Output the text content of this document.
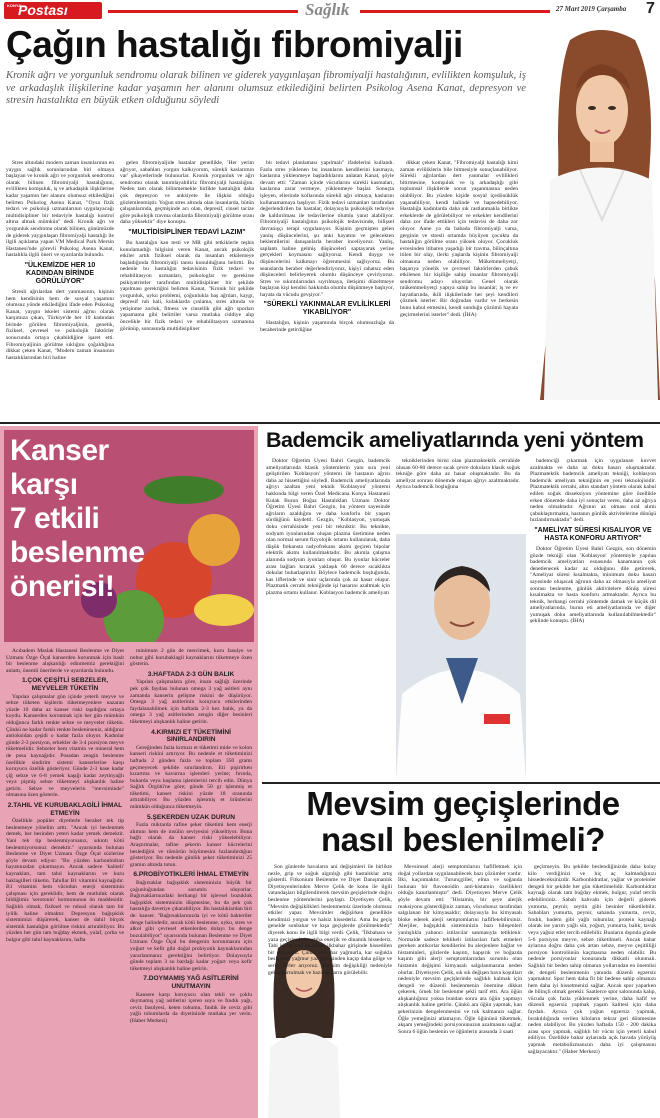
KONYA
Postası	Sağlık	27 Mart 2019 Çarşamba 7
Çağın hastalığı fibromiyalji
Kronik ağrı ve yorgunluk sendromu olarak bilinen ve giderek yaygınlaşan fibromiyalji hastalığının, evlilikten komşuluk, iş ve arkadaşlık ilişkilerine kadar yaşamın her alanını olumsuz etkilediğini belirten Psikolog Asena Kanat, depresyon ve stresin hastalıkta en büyük etken olduğunu söyledi

Stres altındaki modern zaman insanlarının en yaygın sağlık sorunlarından biri olmaya başlayan ve kronik ağrı ve yorgunluk sendromu olarak bilinen fibromiyalji hastalığının, evlilikten komşuluk, iş ve arkadaşlık ilişkilerine kadar yaşamın her alanını olumsuz etkilediğini belirten Psikolog Asena Kanat, "Oysa fizik tedavi ve psikoloji uzmanlarının uygulayacağı multidisipliner bir tedaviyle hastalığı kontrol altına almak mümkün" dedi. Kronik ağrı ve yorgunluk sendromu olarak bilinen, günümüzde de giderek yaygınlaşan fibromiyalji hastalığı ile ilgili açıklama yapan VM Medical Park Mersin Hastanesi'nde görevli Psikolog Asena Kanat, hastalıkla ilgili öneri ve uyarılarda bulundu.

"ÜLKEMİZDE HER 10 KADINDAN BİRİNDE GÖRÜLÜYOR"

Stresli ağrılardan dert yanmasının, kişinin hem kendisinin hem de sosyal yaşamını olumsuz yönde etkilediğini ifade eden Psikolog Kanat, yaygın iskelet sistemi ağrısı olarak karşımıza çıkan, Türkiye'de her 10 kadından birinde görülen fibromiyaljinin, genetik, fiziksel, çevresel ve psikolojik faktörler sonucunda ortaya çıkabildiğine işaret etti. Fibromiyaljinin görülme sıklığını çoğaldığına dikkat çeken Kanat, "Modern zaman insanının hastalıklarından biri haline

gelen fibromiyaljide hastalar genellikle, 'Her yerim ağrıyor, sabahları yorgun kalkıyorum, sürekli kaslarımın var' şikayetlerinde bulunurlar. Kronik yorgunluk ve ağrı sendromu olarak tanımlayabiliriz fibromiyalji hastalığını. Neden tam olarak bilinmemekle birlikte hastalığın daha çok depresyon ve anksiyete ile ilişkisi olduğu gözlemlenmiştir. Yoğun stres altında olan insanlarda, bütün çalışanlarında, geçmişinde acı olan, depresif, cinsel tacize göre psikolojik travma olanlarda fibromiyalji görülme oranı daha yüksektir" diye konuştu.

"MULTİDİSİPLİNER TEDAVİ LAZIM"

Bu hastalığın kan testi ve MR gibi tetkiklerle teşhis konulamadığı bilgisini veren Kanat, ancak psikolojik etkiler artık fiziksel olarak da insanları etkilemeye başladığında fibromiyalji tanısı konulduğunu belirtti. Bu nedenle bu hastalığın tedavisinin fizik tedavi ve rehabilitasyon uzmanları, psikologlar ve gerekirse psikiyatristler tarafından multidisipliner bir şekilde yapılması gerektiğini belirten Kanat, "Kronik bir şekilde yorgunluk, uyku problemi, çoğunlukla baş ağrıları, kaygı, depresif ruh hali, kulaklarda çınlama, stres altında ve yetişinme zorluk, fitness ve cinsellik gibi ağrı sporları yapamama gibi belirtiler varsa mutlaka ciddiye alıp öncelikle bir fizik tedavi ve rehabilitasyon uzmanına görünüp, sonrasında multidisipliner

bir tedavi planlaması yapılmalı" ifadelerini kullandı. Fazla stres yüklenen bu insanların kendilerini kasmaya, kaslarına yüklenmeye başladıklarını anlatan Kanat, şöyle devam etti: "Zaman içinde vücutlarını sürekli kasmaları, kaslarına zarar vermeye, yüklenmeye başlar. Sonuçta işleyen, ellerinde kollarında sürekli ağrı olmaya, kaslarını kullanamamaya başlıyor. Fizik tedavi uzmanları tarafından değerlendirilen bu hastalar, dolayısıyla psikolojik tedaviye de kaldırılması ile tedavilerine olumlu yanıt alabiliyor. Fibromiyalji hastalığının psikolojik tedavisinde, bilişsel davranışçı terapi uygulanıyor. Kişinin geçmişten gelen yanlış düşüncelerini, şu anki hayatını ve gelecekten beklentilerini danışanlarla beraber inceliyoruz. Yanlış, saplantı haline gelmiş düşünceleri saptayarak yerine gerçekleri koymasını sağlıyoruz. Kendi duygu ve düşüncelerini kalkmayı öğrenmesini sağlıyoruz. Bu seanslarda beraber değerlendiriyoruz, kişiyi rahatsız eden düşünceleri belirleyerek olumlu düşünceye çeviriyoruz. Stres ve sıkıntılarından sıyrılmaya, iletişimi düzeltmeye başlayan kişi kendisi hakkında olumlu düşünmeye başlıyor, hayata da vücudu gevşiyor."

"SÜREKLİ YAKINMALAR EVLİLİKLERİ YIKABİLİYOR"

Hastalığın, kişinin yaşamında birçok olumsuzluğa da beraberinde getirdiğine

dikkat çeken Kanat, "Fibromiyalji hastalığı kimi zaman evliliklerin bile bitmesiyle sonuçlanabiliyor. Sürekli ağrılardan dert yanmalar evlilikleri bitirmesine, komşuluk ve iş arkadaşlığı gibi toplumsal ilişkilerde sorun yaşanmasına neden olabiliyor. Bu yüzden kişide sosyal içedönüklük yaşanabiliyor, kendi halinde ve hapsedebiliyor. Hastalığa kadınlarda daha sık rastlanmakla birlikte erkeklerde de görülebiliyor ve erkekler kendilerini daha zor ifade ettikleri için tedavisi de daha zor oluyor. Anne ya da babada fibromiyalji varsa, gerginin ve stresli ortamda büyüyen çocukta da hastalığın görülme oranı yüksek oluyor. Çocukluk evresinden itibaren yaşadığı bir travma, bilinçaltına itilen bir olay, ilerki yaşlarda kişinin fibromiyalji olmasına neden olabiliyor. Mükemmeliyetçi, başarıya yönelik ve çevresel faktörlerden çabuk etkilenen bir kişiliğe sahip insanlar fibromiyalji sendromu adayı oluyorlar. Genel olarak mükemmeliyetçi yapıya sahip bu insanlar; iş ve ev hayatlarında, ikili ilişkilerinde her şeyi kendileri çözmek isterler. Bir doğrudan vardır ve herkesin bunu kabul etmesini, kendi sunduğu çözümü hayata geçirmelerini isterler" dedi. (İHA)

Kanser
karşı
7 etkili
beslenme
önerisi!

Acıbadem Maslak Hastanesi Beslenme ve Diyet Uzmanı Özge Öçal kanserden korunmak için basit bir beslenme alışkanlığı edinmemiz gerektiğini anlattı, önemli önerilerde ve uyarılarda bulundu.

1.ÇOK ÇEŞİTLİ SEBZELER, MEYVELER TÜKETİN

Yapılan çalışmalar gün içinde yeterli meyve ve sebze tüketen kişilerin tüketmeyenlere nazaran yüzde 10 daha az kanser riski taşıdığını ortaya koydu. Kanserden korunmak için her gün mümkün olduğunca farklı renkte sebze ve meyveler tüketin. Çünkü ne kadar farklı renkte beslenirseniz, aldığınız antioksidan çeşidi o kadar fazla oluyor. Kadınlar günde 2-3 porsiyon, erkekler de 3-4 porsiyon meyve tüketmelidir. Sebzeler hem vitamin ve mineral hem de posa kaynağıdır. Posadan zengin beslenme özellikle sindirim sistemi kanserlerine karşı koruyucu özellik gösteriyor. Günde 2-3 kase kadar çiğ sebze ve 6-8 yemek kaşığı kadar zeytinyağlı veya pişmiş sebze tüketmeyi alışkanlık haline getirin. Sebze ve meyvelerin "mevsiminde" olmasına özen gösterin.

2.TAHIL VE KURUBAKLAGİLİ İHMAL ETMEYİN

Özellikle popüler diyetlerle beraber tek tip beslenmeye yönelim arttı. "Ancak iyi beslenmek demek, her besinden yeteri kadar yemek demektir. Yani tek tip beslenmiyorsanız, sıkıntı kötü beslenmiyorsunuz demektir." uyarısında bulunan Beslenme ve Diyet Uzmanı Özge Öçal sözlerine şöyle devam ediyor: "Bu yüzden karbonhidratı hayatınızdan çıkarmayın. Ancak sadece 'kaliteli' kaynakları, tam tahıl kaynaklarını ve kuru baklagilleri tüketin. Tahıllar B1 vitamini kaynağıdır. B1 vitamini hem vücudun enerji sisteminin çalışması için gereklidir, hem de mutluluk olarak bildiğimiz 'serotonin' hormonunun ön maddesidir. Sağlıklı olmak, fiziksel ve ruhsal olarak tam bir iyilik haline olmaktır. Depresyon bağışıklık sistemimizi düşürerek, kanser de dahil birçok sistemik hastalığın görülme riskini artırabiliyor. Bu yüzden her gün tam buğday ekmek, yulaf, çorba ve bulgur gibi tahıl kaynaklarını, hafta

minimum 2 gün de mercimek, kuru fasulye ve nohut gibi kurubaklagil kaynaklarını tüketmeye özen gösterin.

3.HAFTADA 2-3 GÜN BALIK

Yapılan çalışmalara göre, insan sağlığı üzerinde pek çok faydası bulunan omega 3 yağ asitleri aynı zamanda kanserin gelişme riskini de düşürüyor. Omega 3 yağ asitlerinin koruyucu etkilerinden faydalanabilmek için haftada 2-3 kez balık, ya da omega 3 yağ asitlerinden zengin diğer besinleri tüketmeyi alışkanlık haline getirin.

4.KIRMIZI ET TÜKETİMİNİ SINIRLANDIRIN

Gereğinden fazla kırmızı et tüketimi mide ve kolon kanseri riskini artırıyor. Bu nedenle et tüketiminizi haftada 2 günden fazla ve toplam 350 gramı geçmeyecek şekilde sınırlandırın. Eti pişirirken kızartma ve kavurma işlemleri yerine; fırında, buharda veya haşlama işlemlerini tercih edin. Dünya Sağlık Örgütü'ne göre; günde 50 gr işlenmiş et tüketimi, kanser riskini yüzde 18 oranında artırabiliyor. Bu yüzden işlenmiş et ürünlerini mümkün olduğunca tüketmeyin.

5.ŞEKERDEN UZAK DURUN

Fazla miktarda rafine şeker tüketimi hem enerji alımını hem de insülin seviyesini yükseltiyor. Buna bağlı olarak da kanser riski yükselebiliyor. Araştırmalar, rafine şekerin kanser hücrelerini beslediğini ve tümörün büyümesini hızlandırdığını gösteriyor. Bu nedenle günlük şeker tüketiminizi 25 gramın altında tutun.

6.PROBİYOTİKLERİ İHMAL ETMEYİN

Bağırsaklar bağışıklık sisteminizin büyük bir çoğunluğundan sorumlu oluyorlar. Bağırsaklarınızdaki herhangi bir işlevsel bozukluk bağışıklık sisteminizin düşmesine, bu da pek çok hastalığa davetiye çıkarabiliyor. Bu hastalıklardan biri de: kanser. "Bağırsaklarınızda iyi ve kötü bakteriler denge halindedir, ancak kötü beslenme, uyku, stres ve alkol gibi çevresel etkenlerden dolayı bu denge bozulabiliyor" uyarısında bulunan Beslenme ve Diyet Uzmanı Özge Öçal bu dengenin korunmasını için yoğurt ve kefir gibi doğal probiyotik kaynaklarından yararlanmanız gerektiğini belirtiyor. Dolayısıyla günde toplam 3 su bardağı kadar yoğurt veya kefir tüketmeyi alışkanlık haline getirin.

7.DOYMAMIŞ YAĞ ASİTLERİNİ UNUTMAYIN

Kansere karşı koruyucu olan tekli ve çoklu doymamış yağ asitlerini içeren soya ve fındık yağı, ceviz fasulyesi, keten tohumu, fındık ile ceviz gibi yağlı tohumlarda da diyetinizde mutlaka yer verin. (Haber Merkezi)

Bademcik ameliyatlarında yeni yöntem

Doktor Öğretim Üyesi Bahri Gezgin, bademcik ameliyatlarında klasik yöntemlerin yanı sıra yeni geliştirilen 'Koblasyon' yöntemi ile hastanın ağrısı daha az hissettiğini söyledi. Bademcik ameliyatlarında ağrıyı azaltan yeni teknik 'Koblasyon' yöntemi hakkında bilgi veren Özel Medicana Konya Hastanesi Kulak Burun Boğaz Hastalıkları Uzmanı Doktor Öğretim Üyesi Bahri Gezgin, bu yöntem sayesinde ağrıların azaldığını ve daha konforlu bir yaşam sürdüğünü kaydetti. Gezgin, "Koblasyon, yumuşak doku cerrahisinde yeni bir tekniktir. Bu teknikte, sodyum iyonlarından oluşan plazma üretimine neden olan normal serum fizyolojik ortamı kullanılarak, daha düşük frekansta radyofrekans akımı geçiren bipolar elektrik akımı kullanılmaktadır. Bu akımla çalışma alanında sodyum iyonları oluşur. Bu iyonlar hücreler arası bağları kırarak yaklaşık 60 derece sıcaklıkta dokular buharlaştırılır. Böylece bademcik boşluğunda, kas liflerinde ve sinir uçlarında çok az hasar oluşur. Plazmatik cerrahi tekniğinde işi hasarını azaltmak için plazma ortamı kullanır. Koblasyon bademcik ameliyatı

tekniklerinden birisi olan plazmaktektik cerrahide olusan 60-80 derece sıcak çevre dokulara klasik soğuk tekniğe göre daha az hasar oluşmaktadır. Bu da ameliyat sonrası dönemde oluşan ağrıyı azaltmaktadır. Ayrıca bademcik boşluğuna

bademciği çıkarmak için uygulanan kuvvet azalmakta ve daha az doku hasarı oluşmaktadır. Plazmatektik bademcik ameliyatı tekniği, koblasyon bademcik ameliyatı tekniğinin en yeni teknolojisidir. Plazmatektik cerrahi, altın standart yöntem olarak kabul edilen soğuk disseksiyon yöntemine göre özellikle erken dönemde daha iyi sonuçlar veren, daha az ağrıya neden olmaktadır. Ağrının az olması oral alımı çabuklaştırmakta, hastanın günlük aktivitelerine dönüşü hızlandırmaktadır" dedi.

"AMELİYAT SÜRESİ KISALIYOR VE HASTA KONFORU ARTIYOR"

Doktor Öğretim Üyesi Bahri Gezgin, son dönemin gözde tekniği olan 'Koblasyon' yöntemiyle yapılan bademcik ameliyatları esnasında kanamanın çok denetlenecek kadar az olduğunu dile getirerek, "Ameliyat süresi kısalmakta, minimum doku hasarı sayesinde oluşacak ağrının daha az olmasıyla ameliyat sonrası beslenme, günlük aktivitelere dönüş süresi kısalmakta ve hasta konforu artmaktadır. Ayrıca bu teknik, herhangi cerrahi yöntemde damak ve küçük dil ameliyatlarında, burun eti ameliyatlarında ve diğer yumuşak doku ameliyatlarında kullanılabilmektedir" şeklinde konuştu. (İHA)

Mevsim geçişlerinde
nasıl beslenilmeli?

Son günlerde havaların ani değişimleri ile birlikte nezle, grip ve soğuk algınlığı gibi hastalıklar artış gösterdi. Fitkonium Beslenme ve Diyet Danışmanlık Diyetisyenlerinden Merve Çelik de konu ile ilgili vatandaşları bilgilendirerek mevsim geçişlerinde doğru beslenme yöntemlerini paylaştı. Diyetisyen Çelik, "Mevsim değişiklikleri beslenmemiz üzerinde olumsuz etkiler yapar. Mevsimler değişirken genellikle kendimizi yorgun ve halsiz hissederiz. Ama bu geçiş genelde sonbahar ve kışa geçişlerde görülmektedir" diyerek konu ile ilgili bilgi verdi. Çelik, "İlkbahara ve yaza geçişlerde ise daha enerjik ve dinamik hissederiz. Tabi ki bu yaz geliriden ilkbahar girişinde hissedilen bir duygudur. Çünkü ilkbahar yağmurla, kar soğukla beslenmiş yağmur yaz güneşinden kaçıp daha gölge ve serin yerler arıyoruz. Mevsim değişikliği nedeniyle gelen kurtulmak ve bazı ağrıların görülebilir.

Mevsimsel alerji semptomlarını hafifletmek için doğal yollardan uygulanabilecek bazı çözümler vardır. İlki, kaçınmaktır. Turunçgiller, elma ve soğanda bulunan bir flavonoidin anti-histamin özellikleri olduğu kanıtlanmıştır" dedi. Diyetisyen Merve Çelik şöyle devam etti: "Histamin, bir şeye alerjik reaksiyonu gösterdiğiniz zaman, vücudunuz tarafından salgılanan bir kimyasaldır; dolayısıyla bu kimyasalı bloke ederek alerji semptomlarını hafifletebilirsiniz. Alerjiler, bağışıklık sisteminizin bazı bileşenleri yanlışlıkla yabancı istilacılar sanmasıyla tetiklenir. Normalde sadece tehlikeli istilacıları fark etmeleri gereken antikorlar kendilerini bu alerjenlere bağlar ve histaminleri, gözlerde kaşıntı, hapşırık ve boğazda kaşıntı gibi alerji semptomlarından sorumlu olan histamin değişimi kimyasalı salgılanmasına neden olurlar. Diyetisyen Çelik, sık sık değişen hava koşulları nedeniyle mevsim geçişlerinde sağlıklı kalmak için dengeli ve düzenli beslenmenin önemine dikkat çekerek, örnek bir beslenme şekli tarif etti. Ara öğün alışkanlığınız yoksa bundan sonra ara öğün yapmayı alışkanlık haline getirin. Çünkü ara öğün yapmak, kan şekerinizin dengelenmesini ve tok kalmanızı sağlar. Öğle yemeğinizi atlamayın. Öğle öğününü tüketmek, akşam yemeğindeki porsiyonunuzun azalmasını sağlar. Sonra 6 öğün beslenin ve öğünlerin arasında 3 saati

geçirmeyin. Bu şekilde beslendiğinizde daha kolay kilo verdiğinizi ve hiç aç kalmadığınızı hissedeceksinizdir. Karbonhidratlar, yağlar ve proteinler dengeli bir şekilde her gün tüketilmelidir. Karbonhidrat kaynağı olarak tam buğday ekmek, bulgur, yulaf tercih edebilirsiniz. Sabah kahvaltı için değerli giderek yumurta, peynir, zeytin gibi besinler tüketilebilir. Sabahları yumurta, peynir, sahanda yumurta, ceviz, fındık, badem gibi yağlı tohumlar, protein kaynağı olarak ise yarım yağlı süt, yoğurt, yumurta, balık, tavuk veya yağsız etler tercih edilebilir. Bunların dışında günde 5-6 porsiyon meyve, sebze tüketilmeli. Ancak bahar aylarına doğru daha çok artan sebze, meyve çeşitliliği porsiyon kontrolünün kaçmasına neden olabilir. Bu nedenle porsiyonlar konusunda dikkatli olunmalı. Sağlıklı bir beden sahip olmanın yollarından en önemlisi de, dengeli beslenmenin yanında düzenli egzersiz yapmaktır. Spor hem daha fit bir bedene sahip olmanızı hem daha iyi hissetmenizi sağlar. Ancak spor yaparken de bilinçli olmak gerekir. Saatlerce spor salonunda kalıp, vücuda çok fazla yüklenmek yerine, daha hafif ve düzenli egzersiz yapmak yaşam kalitesi için daha faydalı. Ayrıca çok yoğun egzersiz yapmak, bırakıldığında verilen kiloların tekrar geri dönmesine neden olabiliyor. Bu yüzden haftada 150 - 200 dakika arası spor yapmak, sağlıklı bir vücut için yeterli kabul ediliyor. Özellikle bahar aylarında açık havada yürüyüş yapmak metabolizmanızın daha iyi çalışmasını sağlayacaktır." (Haber Merkezi)
